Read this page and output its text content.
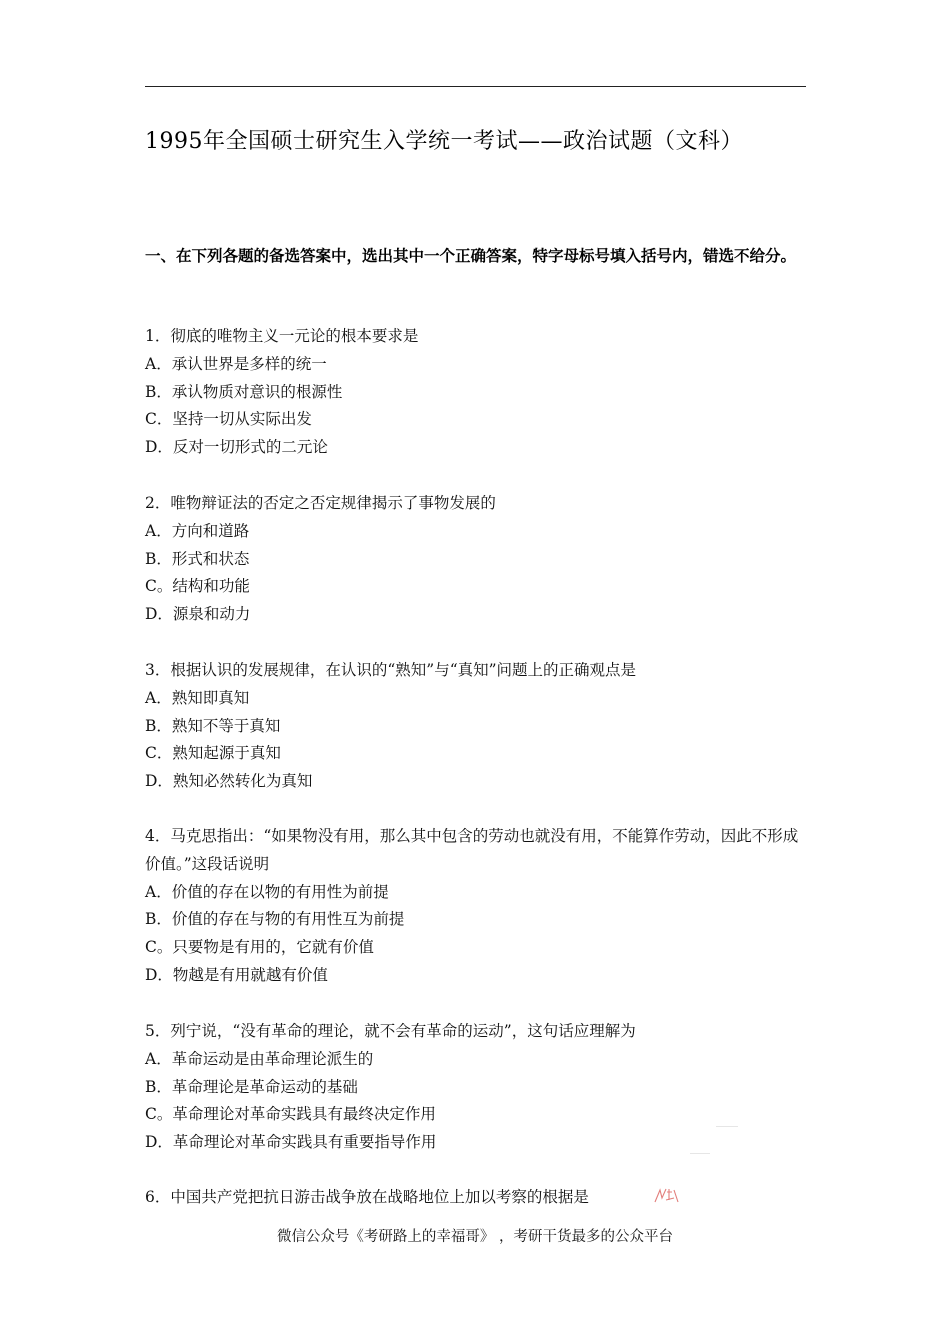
1995年全国硕士研究生入学统一考试——政治试题（文科）
一、在下列各题的备选答案中，选出其中一个正确答案，特字母标号填入括号内，错选不给分。
1．彻底的唯物主义一元论的根本要求是
A．承认世界是多样的统一
B．承认物质对意识的根源性
C．坚持一切从实际出发
D．反对一切形式的二元论
2．唯物辩证法的否定之否定规律揭示了事物发展的
A．方向和道路
B．形式和状态
C。结构和功能
D．源泉和动力
3．根据认识的发展规律，在认识的“熟知”与“真知”问题上的正确观点是
A．熟知即真知
B．熟知不等于真知
C．熟知起源于真知
D．熟知必然转化为真知
4．马克思指出：“如果物没有用，那么其中包含的劳动也就没有用，不能算作劳动，因此不形成价值。”这段话说明
A．价值的存在以物的有用性为前提
B．价值的存在与物的有用性互为前提
C。只要物是有用的，它就有价值
D．物越是有用就越有价值
5．列宁说，“没有革命的理论，就不会有革命的运动”，这句话应理解为
A．革命运动是由革命理论派生的
B．革命理论是革命运动的基础
C。革命理论对革命实践具有最终决定作用
D．革命理论对革命实践具有重要指导作用
6．中国共产党把抗日游击战争放在战略地位上加以考察的根据是
微信公众号《考研路上的幸福哥》 ，考研干货最多的公众平台
